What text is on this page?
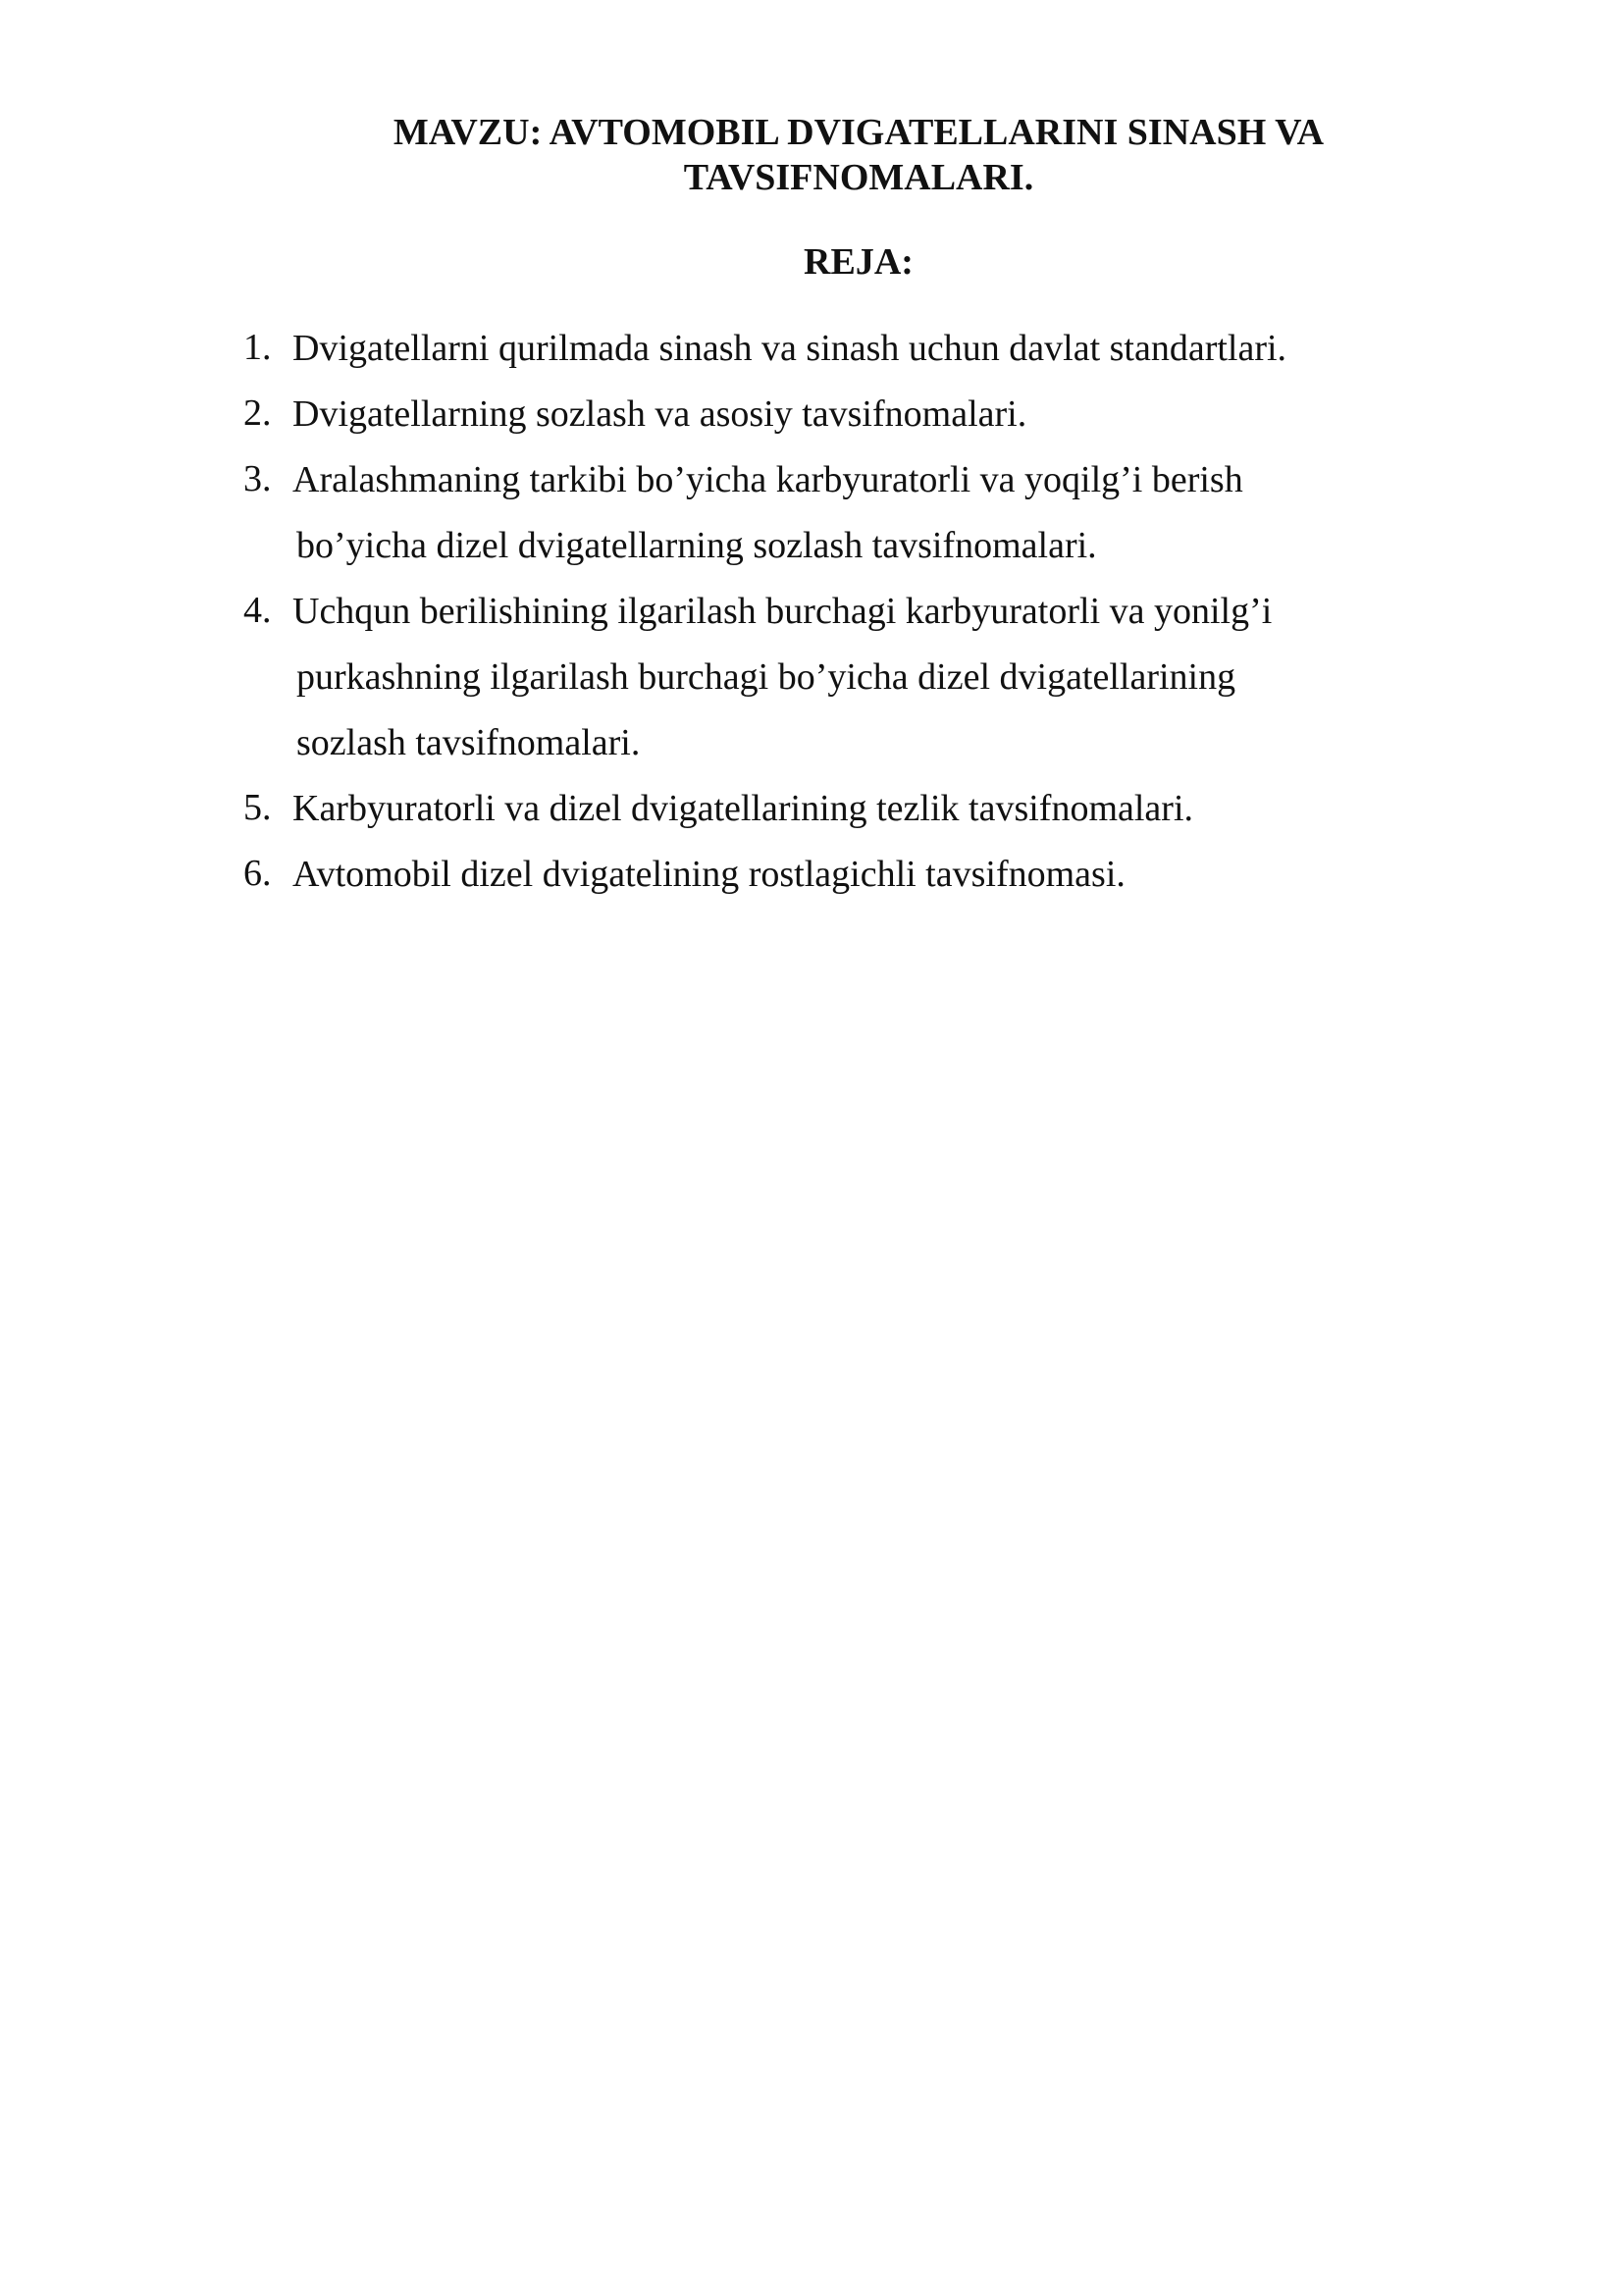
MAVZU: AVTOMOBIL DVIGATELLARINI SINASH VA
TAVSIFNOMALARI.
REJA:
1. Dvigatellarni qurilmada sinash va sinash uchun davlat standartlari.
2. Dvigatellarning sozlash va asosiy tavsifnomalari.
3. Aralashmaning tarkibi bo’yicha karbyuratorli va yoqilg’i berish
bo’yicha dizel dvigatellarning sozlash tavsifnomalari.
4. Uchqun berilishining ilgarilash burchagi karbyuratorli va yonilg’i
purkashning ilgarilash burchagi bo’yicha dizel dvigatellarining
sozlash tavsifnomalari.
5. Karbyuratorli va dizel dvigatellarining tezlik tavsifnomalari.
6. Avtomobil dizel dvigatelining rostlagichli tavsifnomasi.
